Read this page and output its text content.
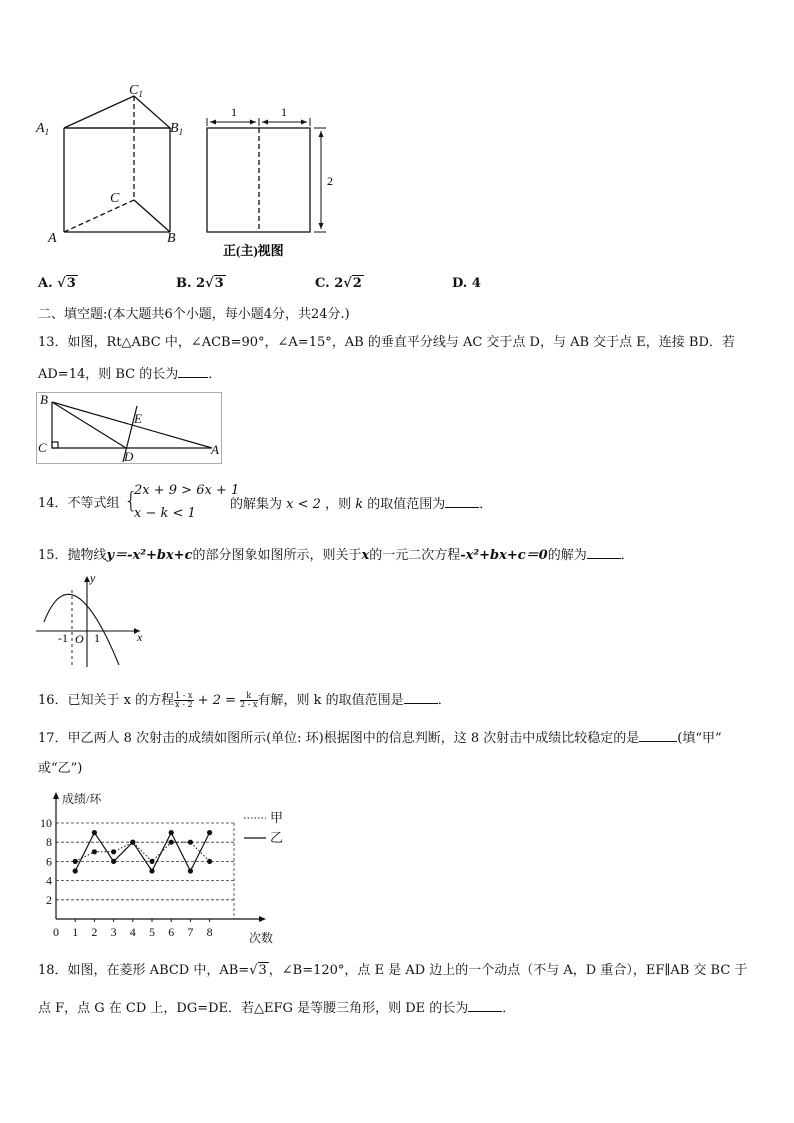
$A_1$
$C_1$
$B_1$
C
A	B
1	1
2
正(主)视图
A. √3	B. 2√3	C. 2√2	D. 4
二、填空题:(本大题共6个小题，每小题4分，共24分.)
13．如图，Rt△ABC 中，∠ACB=90°，∠A=15°，AB 的垂直平分线与 AC 交于点 D，与 AB 交于点 E，连接 BD．若
AD=14，则 BC 的长为 ．
B
E
C
D	A
14．不等式组 {
2x + 9 > 6x + 1
x − k < 1
的解集为 x < 2 ，则 k 的取值范围为	．
15．抛物线y＝-x²+bx+c的部分图象如图所示，则关于x的一元二次方程-x²+bx+c＝0的解为	．
y
x
-1 O 1
16．已知关于 x 的方程 $\frac{1 - x}{x - 2} + 2 = \frac{k}{2 - x}$ 有解，则 k 的取值范围是	．
17．甲乙两人 8 次射击的成绩如图所示(单位: 环)根据图中的信息判断，这 8 次射击中成绩比较稳定的是	(填“甲”
或“乙”)
2
4
6
8
10
0 1 2 3 4 5 6 7 8
成绩/环
次数
甲
乙
18．如图，在菱形 ABCD 中，AB=√3 ，∠B=120°，点 E 是 AD 边上的一个动点（不与 A，D 重合），EF∥AB 交 BC 于
点 F，点 G 在 CD 上，DG=DE．若△EFG 是等腰三角形，则 DE 的长为	．
